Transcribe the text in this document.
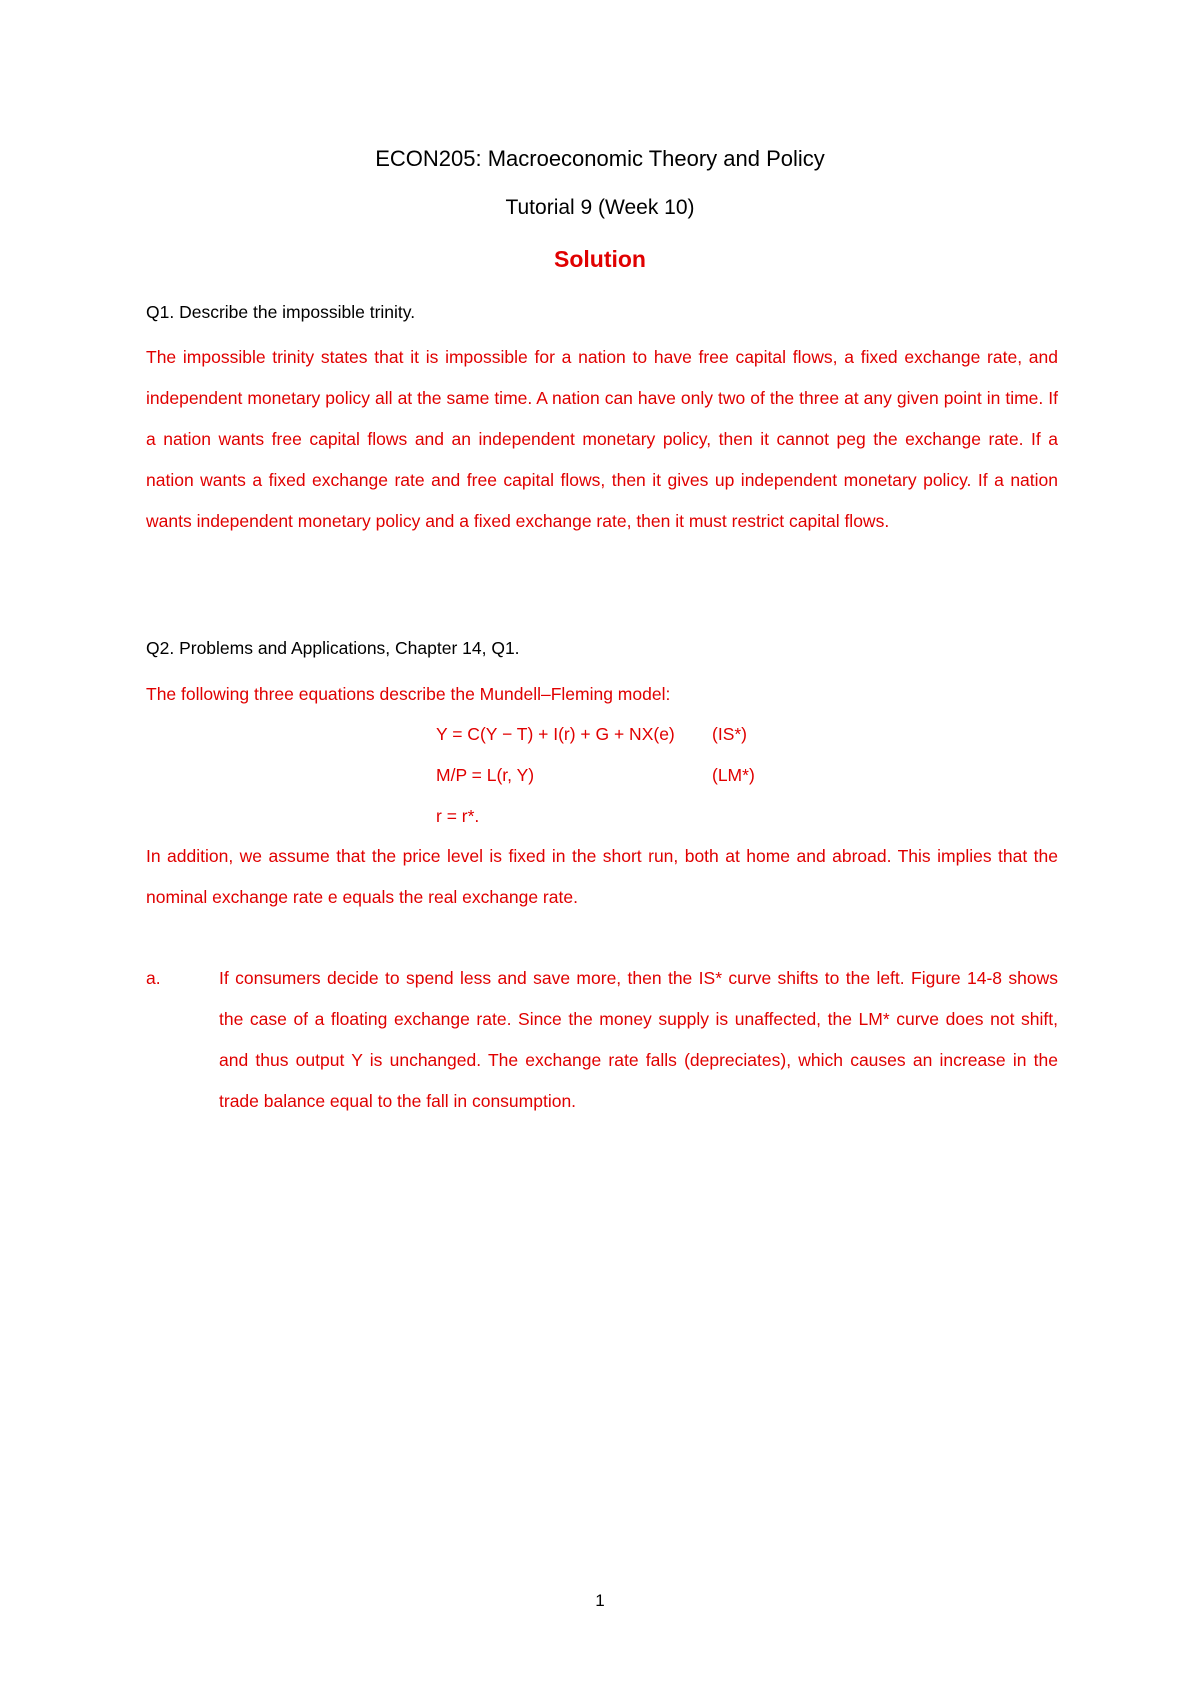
ECON205: Macroeconomic Theory and Policy
Tutorial 9 (Week 10)
Solution
Q1. Describe the impossible trinity.
The impossible trinity states that it is impossible for a nation to have free capital flows, a fixed exchange rate, and independent monetary policy all at the same time. A nation can have only two of the three at any given point in time. If a nation wants free capital flows and an independent monetary policy, then it cannot peg the exchange rate. If a nation wants a fixed exchange rate and free capital flows, then it gives up independent monetary policy. If a nation wants independent monetary policy and a fixed exchange rate, then it must restrict capital flows.
Q2. Problems and Applications, Chapter 14, Q1.
The following three equations describe the Mundell–Fleming model:
Y = C(Y − T) + I(r) + G + NX(e) (IS*)
M/P = L(r, Y)	(LM*)
r = r*.
In addition, we assume that the price level is fixed in the short run, both at home and abroad. This implies that the nominal exchange rate e equals the real exchange rate.
a.	If consumers decide to spend less and save more, then the IS* curve shifts to the left. Figure 14-8 shows the case of a floating exchange rate. Since the money supply is unaffected, the LM* curve does not shift, and thus output Y is unchanged. The exchange rate falls (depreciates), which causes an increase in the trade balance equal to the fall in consumption.
1
